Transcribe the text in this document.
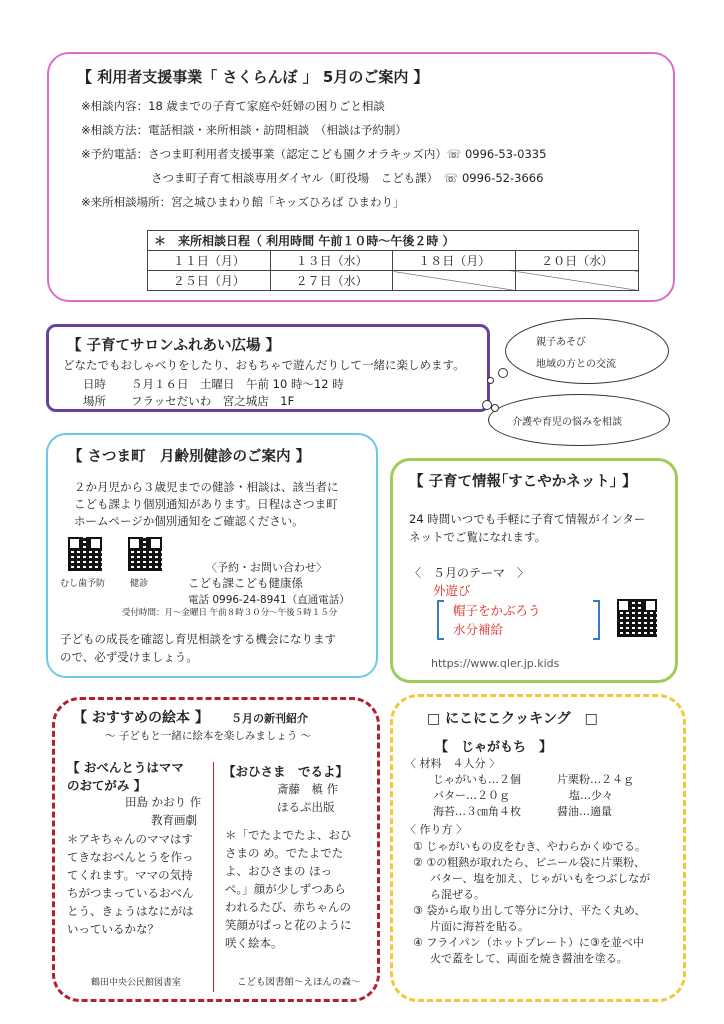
【 利用者支援事業「 さくらんぼ 」 5月のご案内 】
※相談内容：18 歳までの子育て家庭や妊婦の困りごと相談
※相談方法：電話相談・来所相談・訪問相談　（相談は予約制）
※予約電話：さつま町利用者支援事業（認定こども園クオラキッズ内）☏ 0996-53-0335
さつま町子育て相談専用ダイヤル（町役場　こども課）　☏ 0996-52-3666
※来所相談場所：宮之城ひまわり館「キッズひろば ひまわり」
＊　来所相談日程（ 利用時間 午前１０時～午後２時 ）			
１１日（月）	１３日（水）	１８日（月）	２０日（水）
２５日（月）	２７日（水）		
【 子育てサロンふれあい広場 】
どなたでもおしゃべりをしたり、おもちゃで遊んだりして一緒に楽しめます。
日時 ５月１６日　土曜日　午前 10 時～12 時
場所 フラッセだいわ　宮之城店　1F
親子あそび
地域の方との交流
介護や育児の悩みを相談
【 さつま町　月齢別健診のご案内 】
２か月児から３歳児までの健診・相談は、該当者に
こども課より個別通知があります。日程はさつま町
ホームページか個別通知をご確認ください。
むし歯予防	健診
〈予約・お問い合わせ〉
こども課こども健康係
電話 0996-24-8941（直通電話）
受付時間：月～金曜日 午前８時３０分～午後５時１５分
子どもの成長を確認し育児相談をする機会になります
ので、必ず受けましょう。
【 子育て情報｢すこやかネット｣ 】
24 時間いつでも手軽に子育て情報がインター
ネットでご覧になれます。
〈　５月のテーマ　〉
外遊び
帽子をかぶろう
水分補給
https://www.qler.jp.kids
【 おすすめの絵本 】 ５月の新刊紹介
～ 子どもと一緒に絵本を楽しみましょう ～
【 おべんとうはママ
のおてがみ 】
田島 かおり 作
教育画劇
＊アキちゃんのママはす
てきなおべんとうを作っ
てくれます。ママの気持
ちがつまっているおべん
とう、きょうはなにがは
いっているかな？
鶴田中央公民館図書室
【おひさま　でるよ】
斎藤　槙 作
ほるぷ出版
＊「でたよでたよ、おひ
さまの め。でたよでた
よ、おひさまの ほっ
ぺ。」顔が少しずつあら
われるたび、赤ちゃんの
笑顔がぱっと花のように
咲く絵本。
こども図書館～えほんの森～
□ にこにこクッキング　□
【　じゃがもち　】
〈 材料　４人分 〉
じゃがいも…２個	片栗粉…２４ｇ
バター…２０ｇ	塩…少々
海苔…３㎝角４枚	醤油…適量
〈 作り方 〉
① じゃがいもの皮をむき、やわらかくゆでる。
② ①の粗熱が取れたら、ビニール袋に片栗粉、
バター、塩を加え、じゃがいもをつぶしなが
ら混ぜる。
③ 袋から取り出して等分に分け、平たく丸め、
片面に海苔を貼る。
④ フライパン（ホットプレート）に③を並べ中
火で蓋をして、両面を焼き醤油を塗る。
